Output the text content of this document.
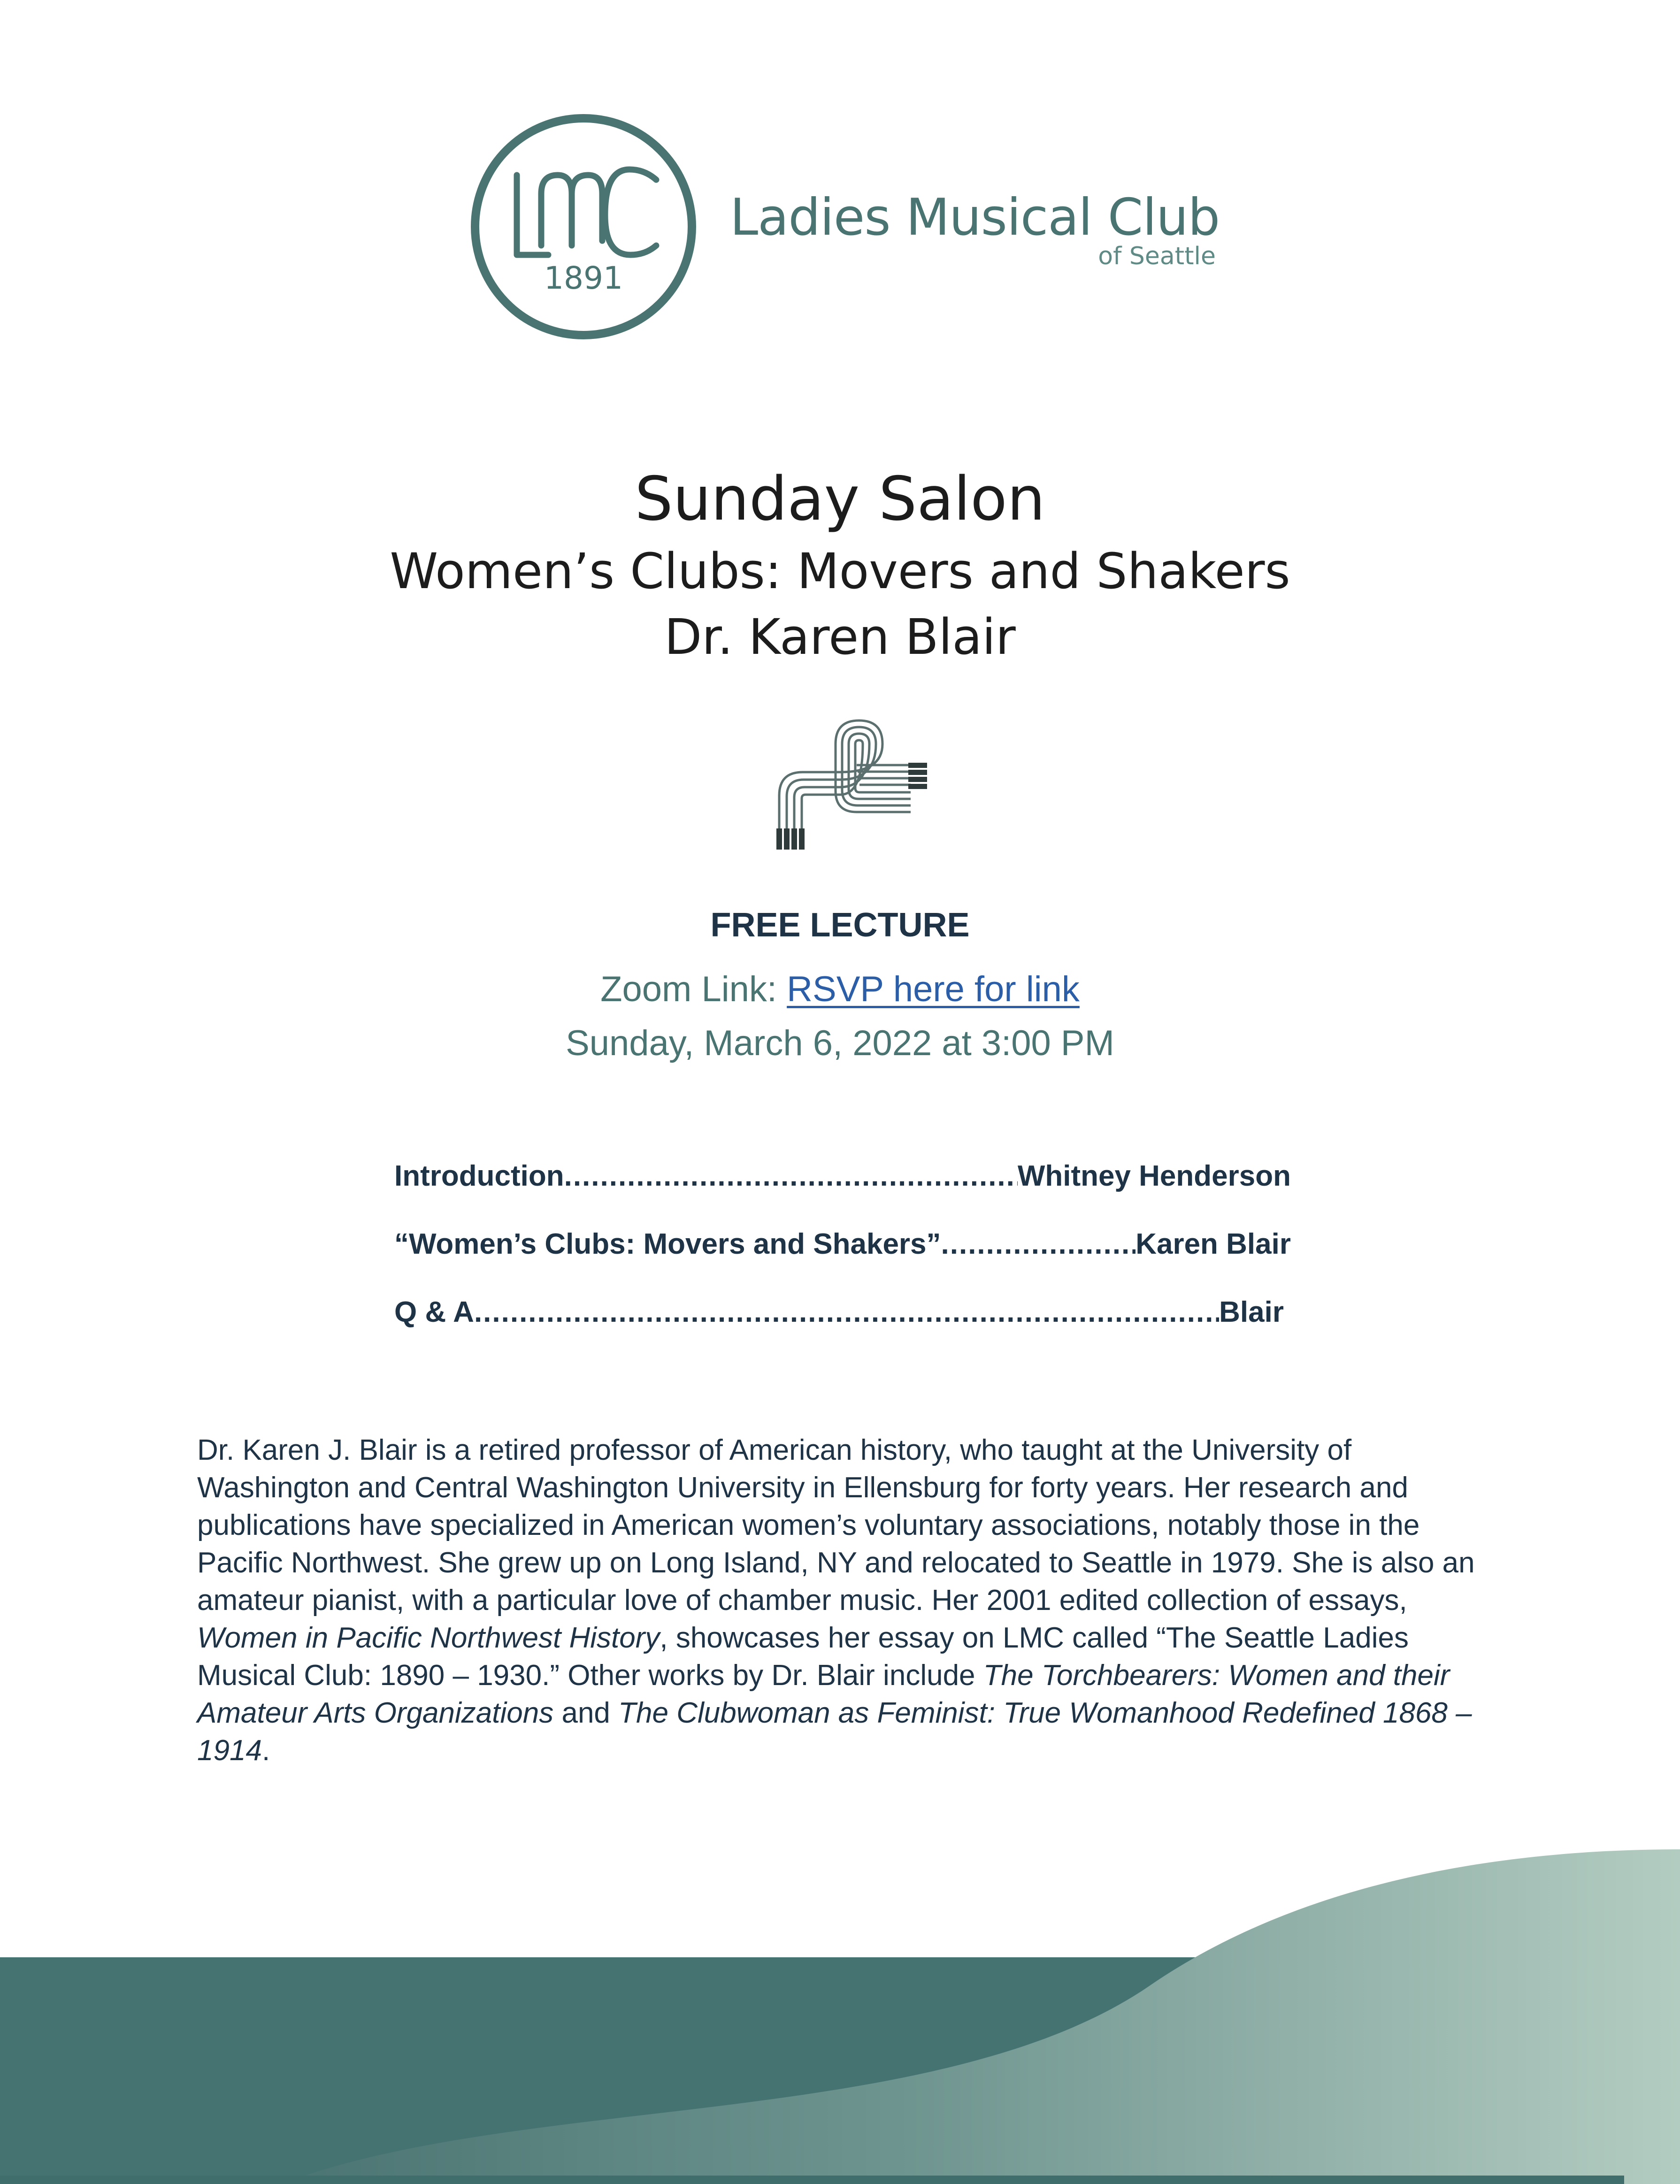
1891
Ladies Musical Club
of Seattle
Sunday Salon
Women’s Clubs: Movers and Shakers
Dr. Karen Blair
FREE LECTURE
Zoom Link: RSVP here for link
Sunday, March 6, 2022 at 3:00 PM
Introduction .....	Whitney Henderson
“Women’s Clubs: Movers and Shakers” .....	Karen Blair
Q & A .....	Blair

Dr. Karen J. Blair is a retired professor of American history, who taught at the University of Washington and Central Washington University in Ellensburg for forty years. Her research and publications have specialized in American women’s voluntary associations, notably those in the Pacific Northwest. She grew up on Long Island, NY and relocated to Seattle in 1979. She is also an amateur pianist, with a particular love of chamber music. Her 2001 edited collection of essays, Women in Pacific Northwest History, showcases her essay on LMC called “The Seattle Ladies Musical Club: 1890 – 1930.” Other works by Dr. Blair include The Torchbearers: Women and their Amateur Arts Organizations and The Clubwoman as Feminist: True Womanhood Redefined 1868 – 1914.
